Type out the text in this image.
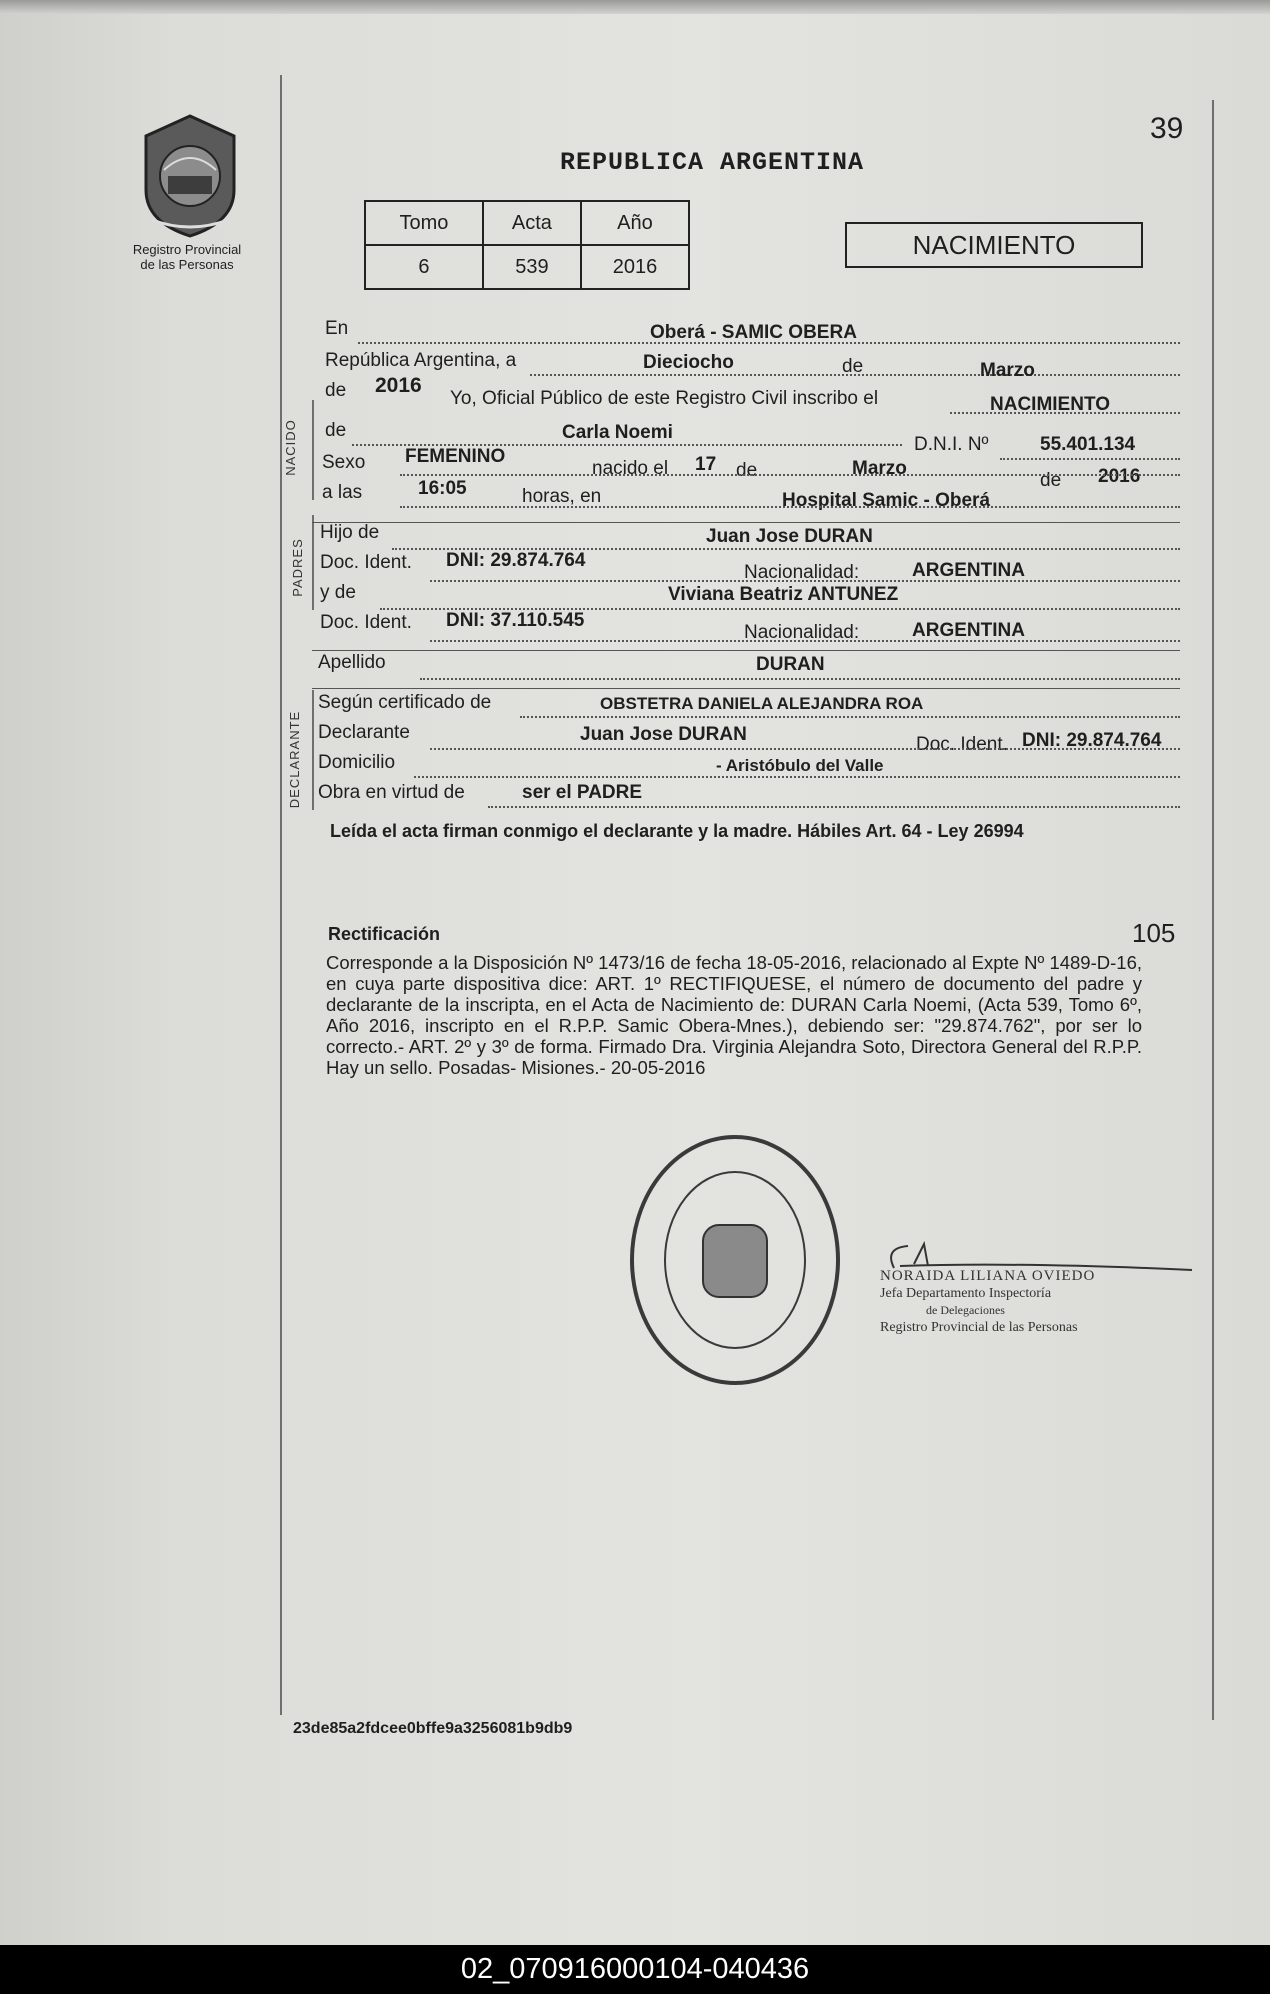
Registro Provincial
de las Personas
39
REPUBLICA ARGENTINA
Tomo	Acta	Año
6	539	2016
NACIMIENTO
En	Oberá - SAMIC OBERA
República Argentina, a	Dieciocho	de	Marzo
de 2016
Yo, Oficial Público de este Registro Civil inscribo el	NACIMIENTO
NACIDO de	Carla Noemi
D.N.I. Nº	55.401.134
Sexo FEMENINO
nacido el 17 de	Marzo
de 2016
a las	16:05	horas, en	Hospital Samic - Oberá
PADRES
Hijo de	Juan Jose DURAN
Doc. Ident. DNI: 29.874.764
Nacionalidad:	ARGENTINA
y de	Viviana Beatriz ANTUNEZ
Doc. Ident. DNI: 37.110.545
Nacionalidad:	ARGENTINA
Apellido	DURAN
DECLARANTE
Según certificado de	OBSTETRA DANIELA ALEJANDRA ROA
Declarante	Juan Jose DURAN	Doc. Ident. DNI: 29.874.764
Domicilio	- Aristóbulo del Valle
Obra en virtud de	ser el PADRE
Leída el acta firman conmigo el declarante y la madre. Hábiles Art. 64 - Ley 26994
Rectificación	105
Corresponde a la Disposición Nº 1473/16 de fecha 18-05-2016, relacionado al Expte Nº 1489-D-16, en cuya parte dispositiva dice: ART. 1º RECTIFIQUESE, el número de documento del padre y declarante de la inscripta, en el Acta de Nacimiento de: DURAN Carla Noemi, (Acta 539, Tomo 6º, Año 2016, inscripto en el R.P.P. Samic Obera-Mnes.), debiendo ser: "29.874.762", por ser lo correcto.- ART. 2º y 3º de forma. Firmado Dra. Virginia Alejandra Soto, Directora General del R.P.P. Hay un sello. Posadas- Misiones.- 20-05-2016
NORAIDA LILIANA OVIEDO
Jefa Departamento Inspectoría
de Delegaciones
Registro Provincial de las Personas
23de85a2fdcee0bffe9a3256081b9db9
02_070916000104-040436
